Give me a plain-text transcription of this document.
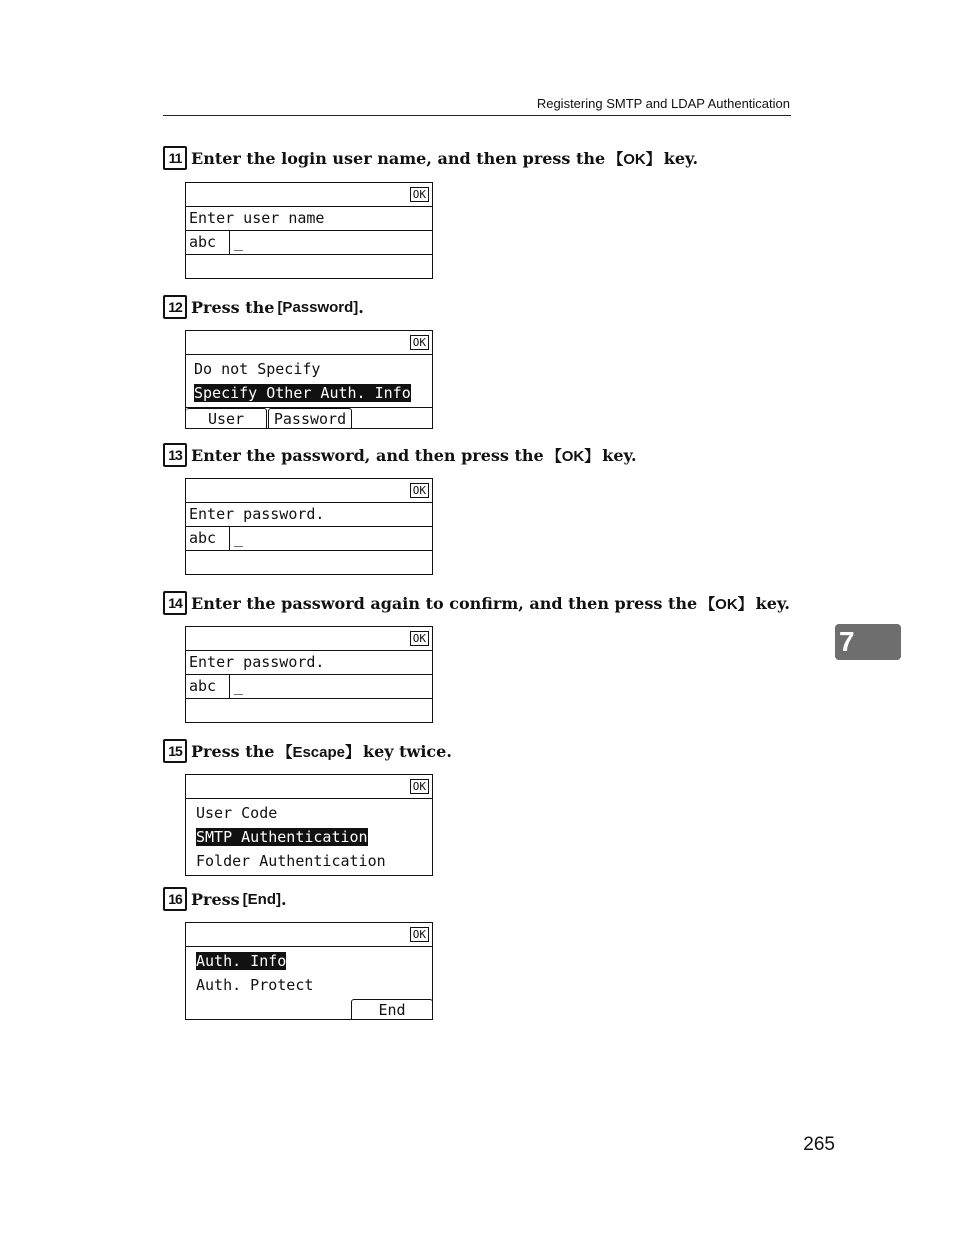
Registering SMTP and LDAP Authentication
11 Enter the login user name, and then press the 【OK】 key.

OK

Enter user name
abc	_
12 Press the [Password] .

OK

Do not Specify
Specify Other Auth. Info
User	Password
13 Enter the password, and then press the 【OK】 key.

OK

Enter password.
abc	_
14 Enter the password again to confirm, and then press the 【OK】 key.

OK

Enter password.
abc	_
15 Press the 【Escape】 key twice.

OK

User Code
SMTP Authentication
Folder Authentication
16 Press [End] .

OK

Auth. Info
Auth. Protect
End
7
265
